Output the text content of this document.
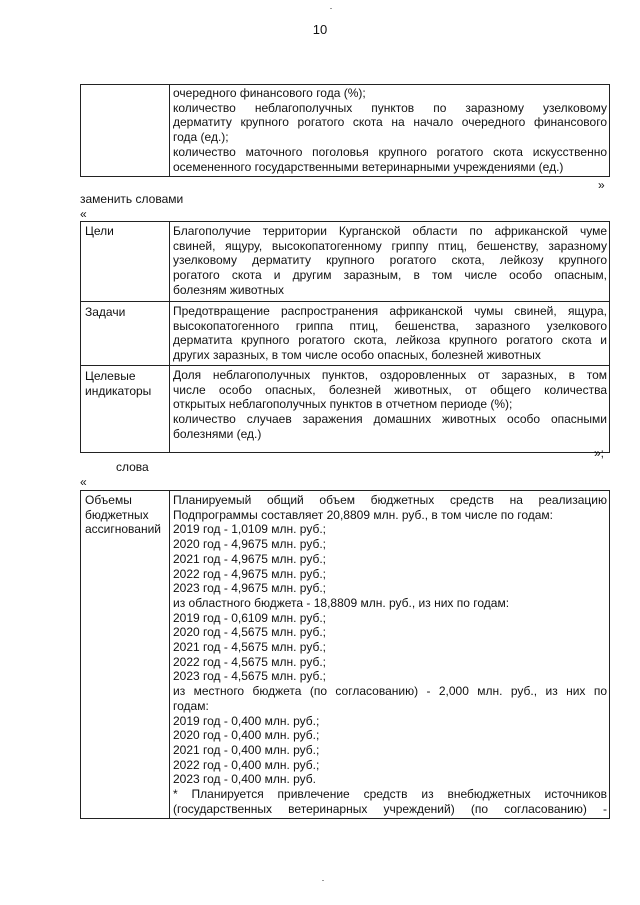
10
очередного финансового года (%);
количество неблагополучных пунктов по заразному узелковому
дерматиту крупного рогатого скота на начало очередного финансового
года (ед.);
количество маточного поголовья крупного рогатого скота искусственно
осемененного государственными ветеринарными учреждениями (ед.)
»
заменить словами
«
Цели	Благополучие территории Курганской области по африканской чуме
свиней, ящуру, высокопатогенному гриппу птиц, бешенству, заразному
узелковому дерматиту крупного рогатого скота, лейкозу крупного
рогатого скота и другим заразным, в том числе особо опасным,
болезням животных
Задачи	Предотвращение распространения африканской чумы свиней, ящура,
высокопатогенного гриппа птиц, бешенства, заразного узелкового
дерматита крупного рогатого скота, лейкоза крупного рогатого скота и
других заразных, в том числе особо опасных, болезней животных
Целевые
индикаторы
Доля неблагополучных пунктов, оздоровленных от заразных, в том
числе особо опасных, болезней животных, от общего количества
открытых неблагополучных пунктов в отчетном периоде (%);
количество случаев заражения домашних животных особо опасными
болезнями (ед.)
»;
слова
«
Объемы
бюджетных
ассигнований
Планируемый общий объем бюджетных средств на реализацию
Подпрограммы составляет 20,8809 млн. руб., в том числе по годам:
2019 год - 1,0109 млн. руб.;
2020 год - 4,9675 млн. руб.;
2021 год - 4,9675 млн. руб.;
2022 год - 4,9675 млн. руб.;
2023 год - 4,9675 млн. руб.;
из областного бюджета - 18,8809 млн. руб., из них по годам:
2019 год - 0,6109 млн. руб.;
2020 год - 4,5675 млн. руб.;
2021 год - 4,5675 млн. руб.;
2022 год - 4,5675 млн. руб.;
2023 год - 4,5675 млн. руб.;
из местного бюджета (по согласованию) - 2,000 млн. руб., из них по
годам:
2019 год - 0,400 млн. руб.;
2020 год - 0,400 млн. руб.;
2021 год - 0,400 млн. руб.;
2022 год - 0,400 млн. руб.;
2023 год - 0,400 млн. руб.
* Планируется привлечение средств из внебюджетных источников
(государственных ветеринарных учреждений) (по согласованию) -
